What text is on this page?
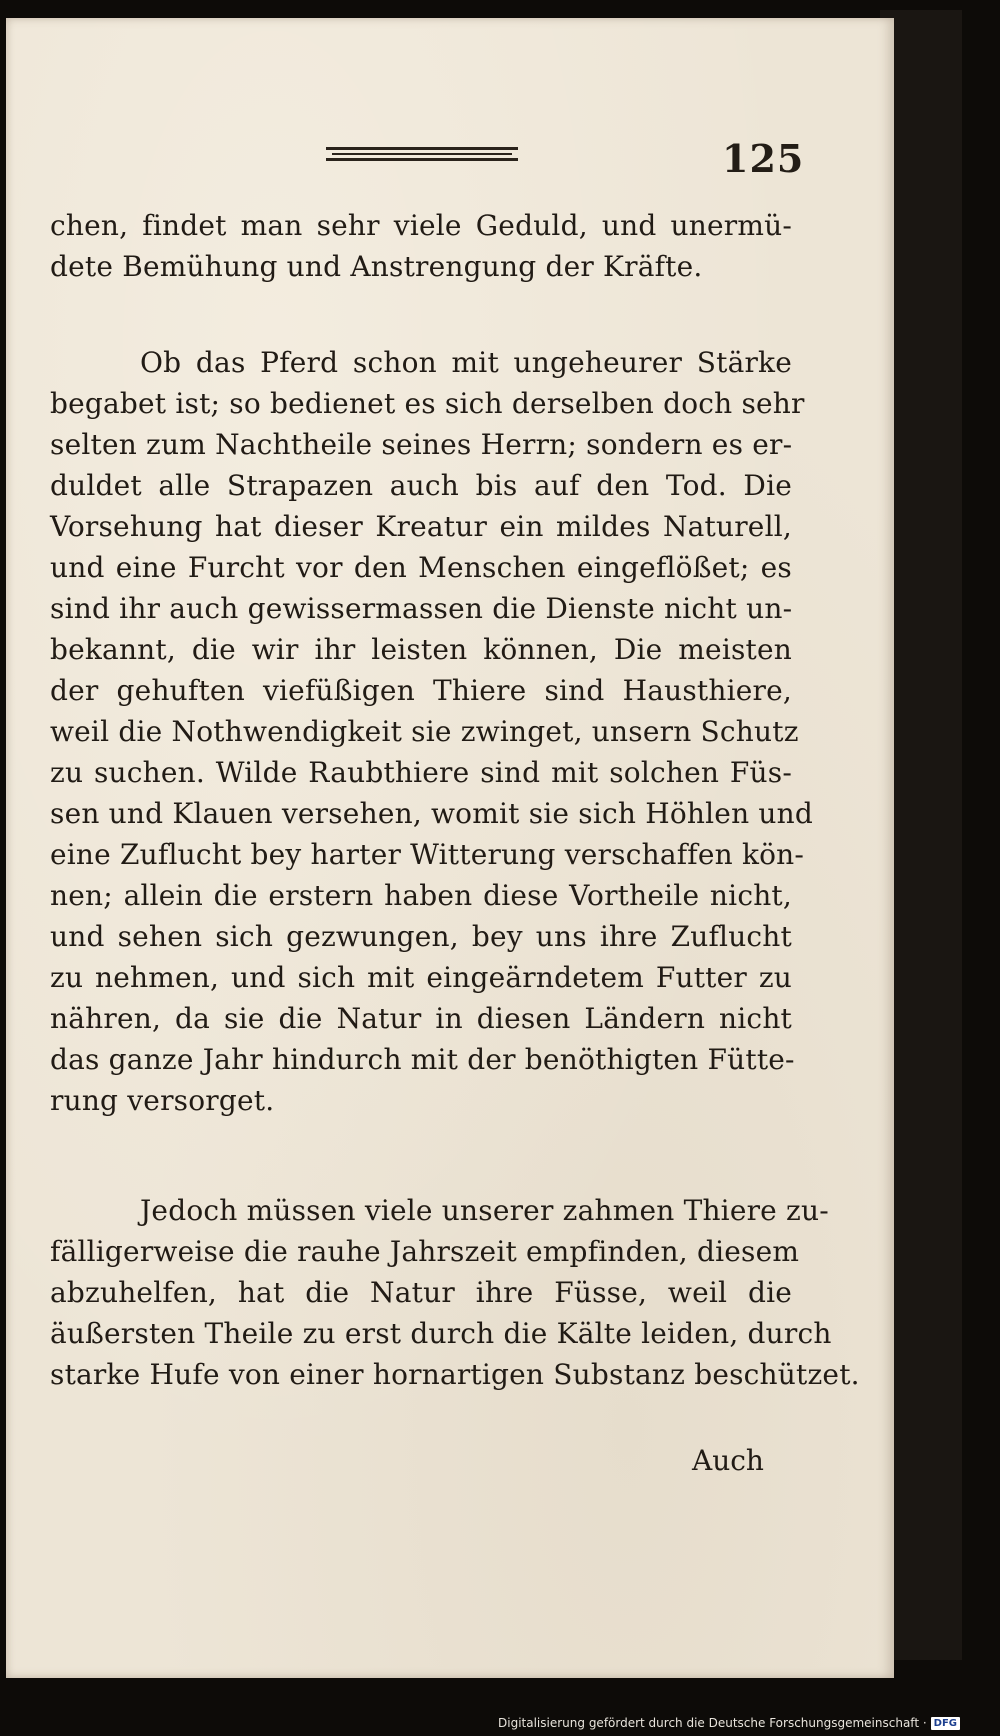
125
chen, findet man sehr viele Geduld, und unermü-
dete Bemühung und Anstrengung der Kräfte.
Ob das Pferd schon mit ungeheurer Stärke
begabet ist; so bedienet es sich derselben doch sehr
selten zum Nachtheile seines Herrn; sondern es er-
duldet alle Strapazen auch bis auf den Tod. Die
Vorsehung hat dieser Kreatur ein mildes Naturell,
und eine Furcht vor den Menschen eingeflößet; es
sind ihr auch gewissermassen die Dienste nicht un-
bekannt, die wir ihr leisten können, Die meisten
der gehuften viefüßigen Thiere sind Hausthiere,
weil die Nothwendigkeit sie zwinget, unsern Schutz
zu suchen. Wilde Raubthiere sind mit solchen Füs-
sen und Klauen versehen, womit sie sich Höhlen und
eine Zuflucht bey harter Witterung verschaffen kön-
nen; allein die erstern haben diese Vortheile nicht,
und sehen sich gezwungen, bey uns ihre Zuflucht
zu nehmen, und sich mit eingeärndetem Futter zu
nähren, da sie die Natur in diesen Ländern nicht
das ganze Jahr hindurch mit der benöthigten Fütte-
rung versorget.
Jedoch müssen viele unserer zahmen Thiere zu-
fälligerweise die rauhe Jahrszeit empfinden, diesem
abzuhelfen, hat die Natur ihre Füsse, weil die
äußersten Theile zu erst durch die Kälte leiden, durch
starke Hufe von einer hornartigen Substanz beschützet.
Auch
Digitalisierung gefördert durch die Deutsche Forschungsgemeinschaft · DFG
